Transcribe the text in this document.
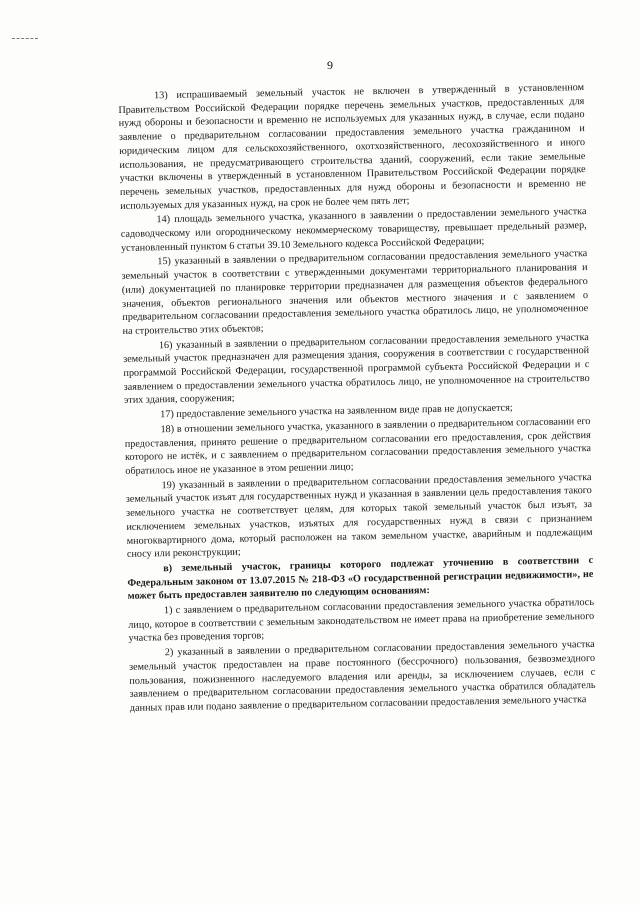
9

13) испрашиваемый земельный участок не включен в утвержденный в установленном Правительством Российской Федерации порядке перечень земельных участков, предоставленных для нужд обороны и безопасности и временно не используемых для указанных нужд, в случае, если подано заявление о предварительном согласовании предоставления земельного участка гражданином и юридическим лицом для сельскохозяйственного, охотхозяйственного, лесохозяйственного и иного использования, не предусматривающего строительства зданий, сооружений, если такие земельные участки включены в утвержденный в установленном Правительством Российской Федерации порядке перечень земельных участков, предоставленных для нужд обороны и безопасности и временно не используемых для указанных нужд, на срок не более чем пять лет;

14) площадь земельного участка, указанного в заявлении о предоставлении земельного участка садоводческому или огородническому некоммерческому товариществу, превышает предельный размер, установленный пунктом 6 статьи 39.10 Земельного кодекса Российской Федерации;

15) указанный в заявлении о предварительном согласовании предоставления земельного участка земельный участок в соответствии с утвержденными документами территориального планирования и (или) документацией по планировке территории предназначен для размещения объектов федерального значения, объектов регионального значения или объектов местного значения и с заявлением о предварительном согласовании предоставления земельного участка обратилось лицо, не уполномоченное на строительство этих объектов;

16) указанный в заявлении о предварительном согласовании предоставления земельного участка земельный участок предназначен для размещения здания, сооружения в соответствии с государственной программой Российской Федерации, государственной программой субъекта Российской Федерации и с заявлением о предоставлении земельного участка обратилось лицо, не уполномоченное на строительство этих здания, сооружения;

17) предоставление земельного участка на заявленном виде прав не допускается;

18) в отношении земельного участка, указанного в заявлении о предварительном согласовании его предоставления, принято решение о предварительном согласовании его предоставления, срок действия которого не истёк, и с заявлением о предварительном согласовании предоставления земельного участка обратилось иное не указанное в этом решении лицо;

19) указанный в заявлении о предварительном согласовании предоставления земельного участка земельный участок изъят для государственных нужд и указанная в заявлении цель предоставления такого земельного участка не соответствует целям, для которых такой земельный участок был изъят, за исключением земельных участков, изъятых для государственных нужд в связи с признанием многоквартирного дома, который расположен на таком земельном участке, аварийным и подлежащим сносу или реконструкции;

в) земельный участок, границы которого подлежат уточнению в соответствии с Федеральным законом от 13.07.2015 № 218-ФЗ «О государственной регистрации недвижимости», не может быть предоставлен заявителю по следующим основаниям:

1) с заявлением о предварительном согласовании предоставления земельного участка обратилось лицо, которое в соответствии с земельным законодательством не имеет права на приобретение земельного участка без проведения торгов;

2) указанный в заявлении о предварительном согласовании предоставления земельного участка земельный участок предоставлен на праве постоянного (бессрочного) пользования, безвозмездного пользования, пожизненного наследуемого владения или аренды, за исключением случаев, если с заявлением о предварительном согласовании предоставления земельного участка обратился обладатель данных прав или подано заявление о предварительном согласовании предоставления земельного участка
